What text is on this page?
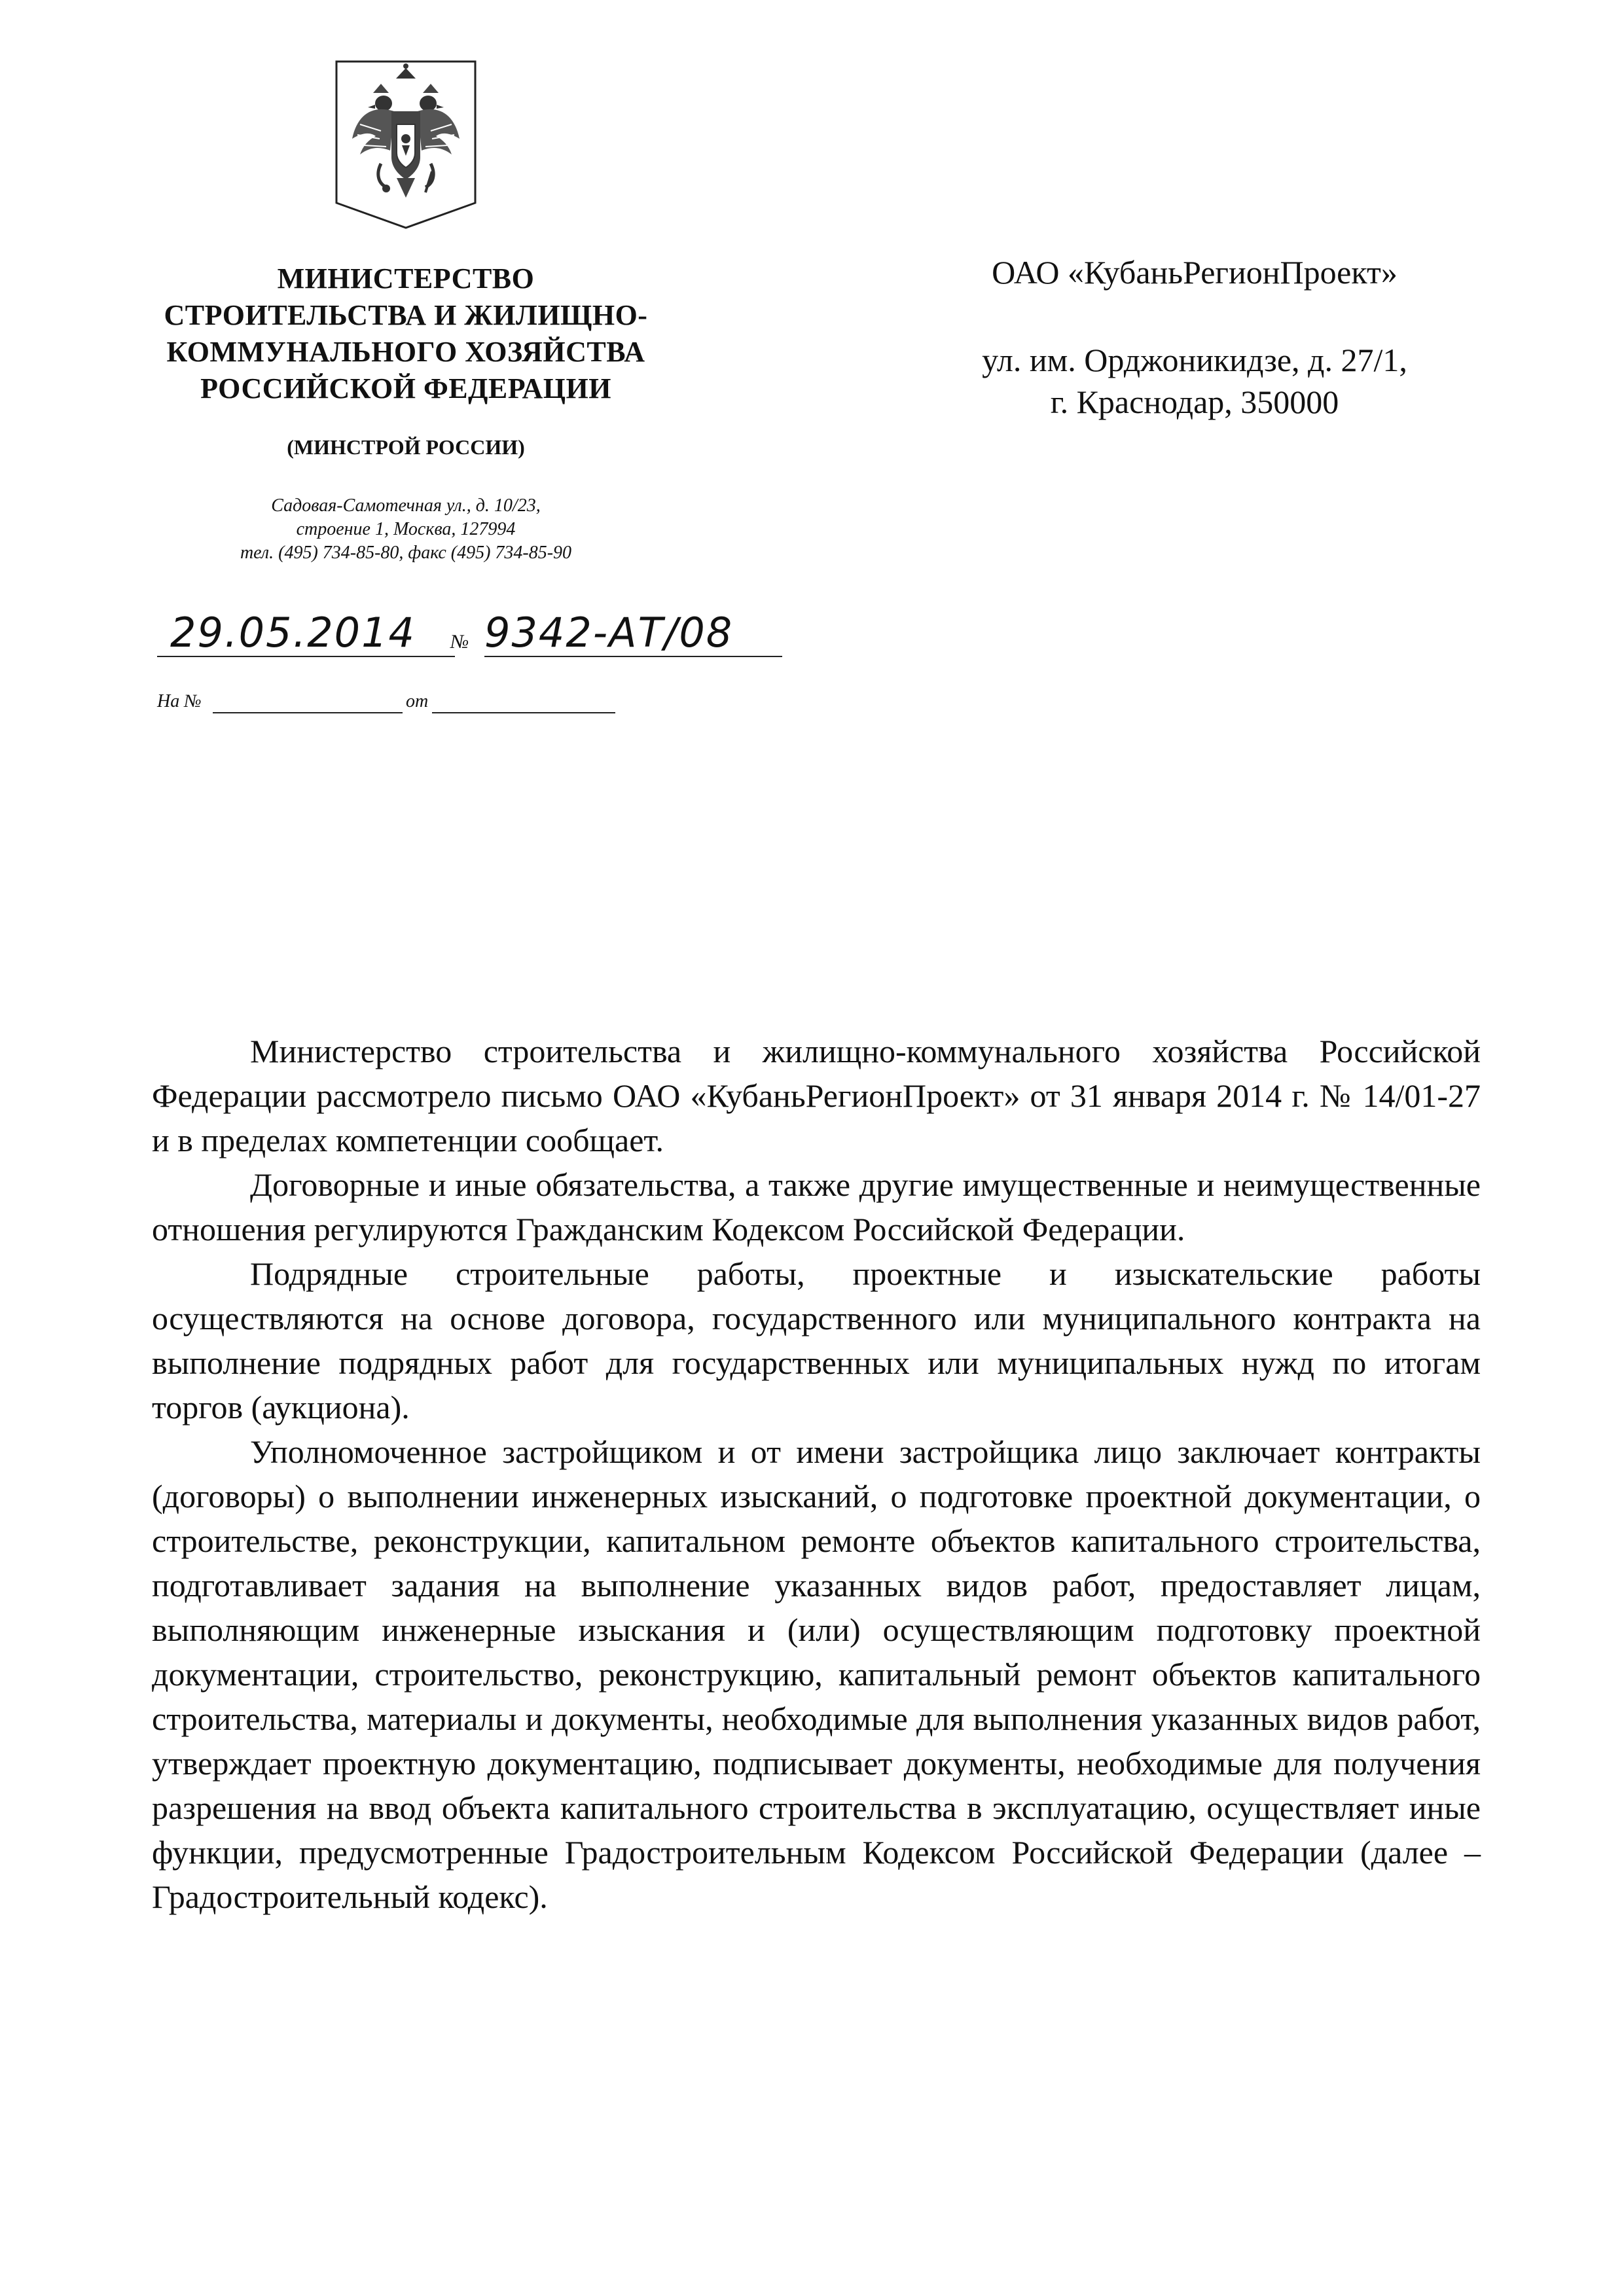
МИНИСТЕРСТВО
СТРОИТЕЛЬСТВА И ЖИЛИЩНО-
КОММУНАЛЬНОГО ХОЗЯЙСТВА
РОССИЙСКОЙ ФЕДЕРАЦИИ
(МИНСТРОЙ РОССИИ)
Садовая-Самотечная ул., д. 10/23,
строение 1, Москва, 127994
тел. (495) 734-85-80, факс (495) 734-85-90
29.05.2014 № 9342-АТ/08
На №	от
ОАО «КубаньРегионПроект»
ул. им. Орджоникидзе, д. 27/1,
г. Краснодар, 350000

Министерство строительства и жилищно-коммунального хозяйства Российской Федерации рассмотрело письмо ОАО «КубаньРегионПроект» от 31 января 2014 г. № 14/01-27 и в пределах компетенции сообщает.

Договорные и иные обязательства, а также другие имущественные и неимущественные отношения регулируются Гражданским Кодексом Российской Федерации.

Подрядные строительные работы, проектные и изыскательские работы осуществляются на основе договора, государственного или муниципального контракта на выполнение подрядных работ для государственных или муниципальных нужд по итогам торгов (аукциона).

Уполномоченное застройщиком и от имени застройщика лицо заключает контракты (договоры) о выполнении инженерных изысканий, о подготовке проектной документации, о строительстве, реконструкции, капитальном ремонте объектов капитального строительства, подготавливает задания на выполнение указанных видов работ, предоставляет лицам, выполняющим инженерные изыскания и (или) осуществляющим подготовку проектной документации, строительство, реконструкцию, капитальный ремонт объектов капитального строительства, материалы и документы, необходимые для выполнения указанных видов работ, утверждает проектную документацию, подписывает документы, необходимые для получения разрешения на ввод объекта капитального строительства в эксплуатацию, осуществляет иные функции, предусмотренные Градостроительным Кодексом Российской Федерации (далее – Градостроительный кодекс).
